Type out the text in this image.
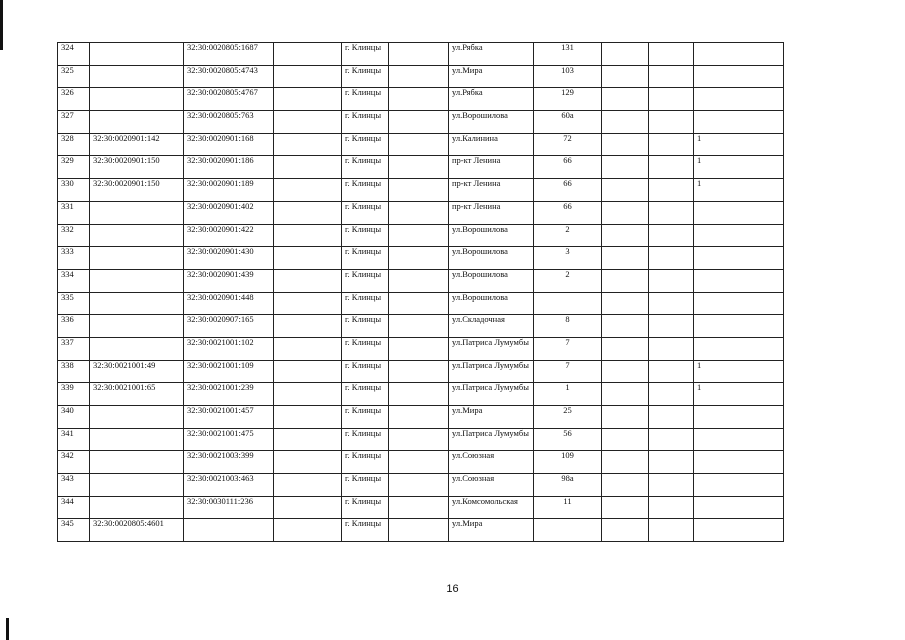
324		32:30:0020805:1687		г. Клинцы		ул.Рябка	131			
325		32:30:0020805:4743		г. Клинцы		ул.Мира	103			
326		32:30:0020805:4767		г. Клинцы		ул.Рябка	129			
327		32:30:0020805:763		г. Клинцы		ул.Ворошилова	60а			
328	32:30:0020901:142	32:30:0020901:168		г. Клинцы		ул.Калинина	72			1
329	32:30:0020901:150	32:30:0020901:186		г. Клинцы		пр-кт Ленина	66			1
330	32:30:0020901:150	32:30:0020901:189		г. Клинцы		пр-кт Ленина	66			1
331		32:30:0020901:402		г. Клинцы		пр-кт Ленина	66			
332		32:30:0020901:422		г. Клинцы		ул.Ворошилова	2			
333		32:30:0020901:430		г. Клинцы		ул.Ворошилова	3			
334		32:30:0020901:439		г. Клинцы		ул.Ворошилова	2			
335		32:30:0020901:448		г. Клинцы		ул.Ворошилова				
336		32:30:0020907:165		г. Клинцы		ул.Складочная	8			
337		32:30:0021001:102		г. Клинцы		ул.Патриса Лумумбы	7			
338	32:30:0021001:49	32:30:0021001:109		г. Клинцы		ул.Патриса Лумумбы	7			1
339	32:30:0021001:65	32:30:0021001:239		г. Клинцы		ул.Патриса Лумумбы	1			1
340		32:30:0021001:457		г. Клинцы		ул.Мира	25			
341		32:30:0021001:475		г. Клинцы		ул.Патриса Лумумбы	56			
342		32:30:0021003:399		г. Клинцы		ул.Союзная	109			
343		32:30:0021003:463		г. Клинцы		ул.Союзная	98а			
344		32:30:0030111:236		г. Клинцы		ул.Комсомольская	11			
345	32:30:0020805:4601			г. Клинцы		ул.Мира				
16
